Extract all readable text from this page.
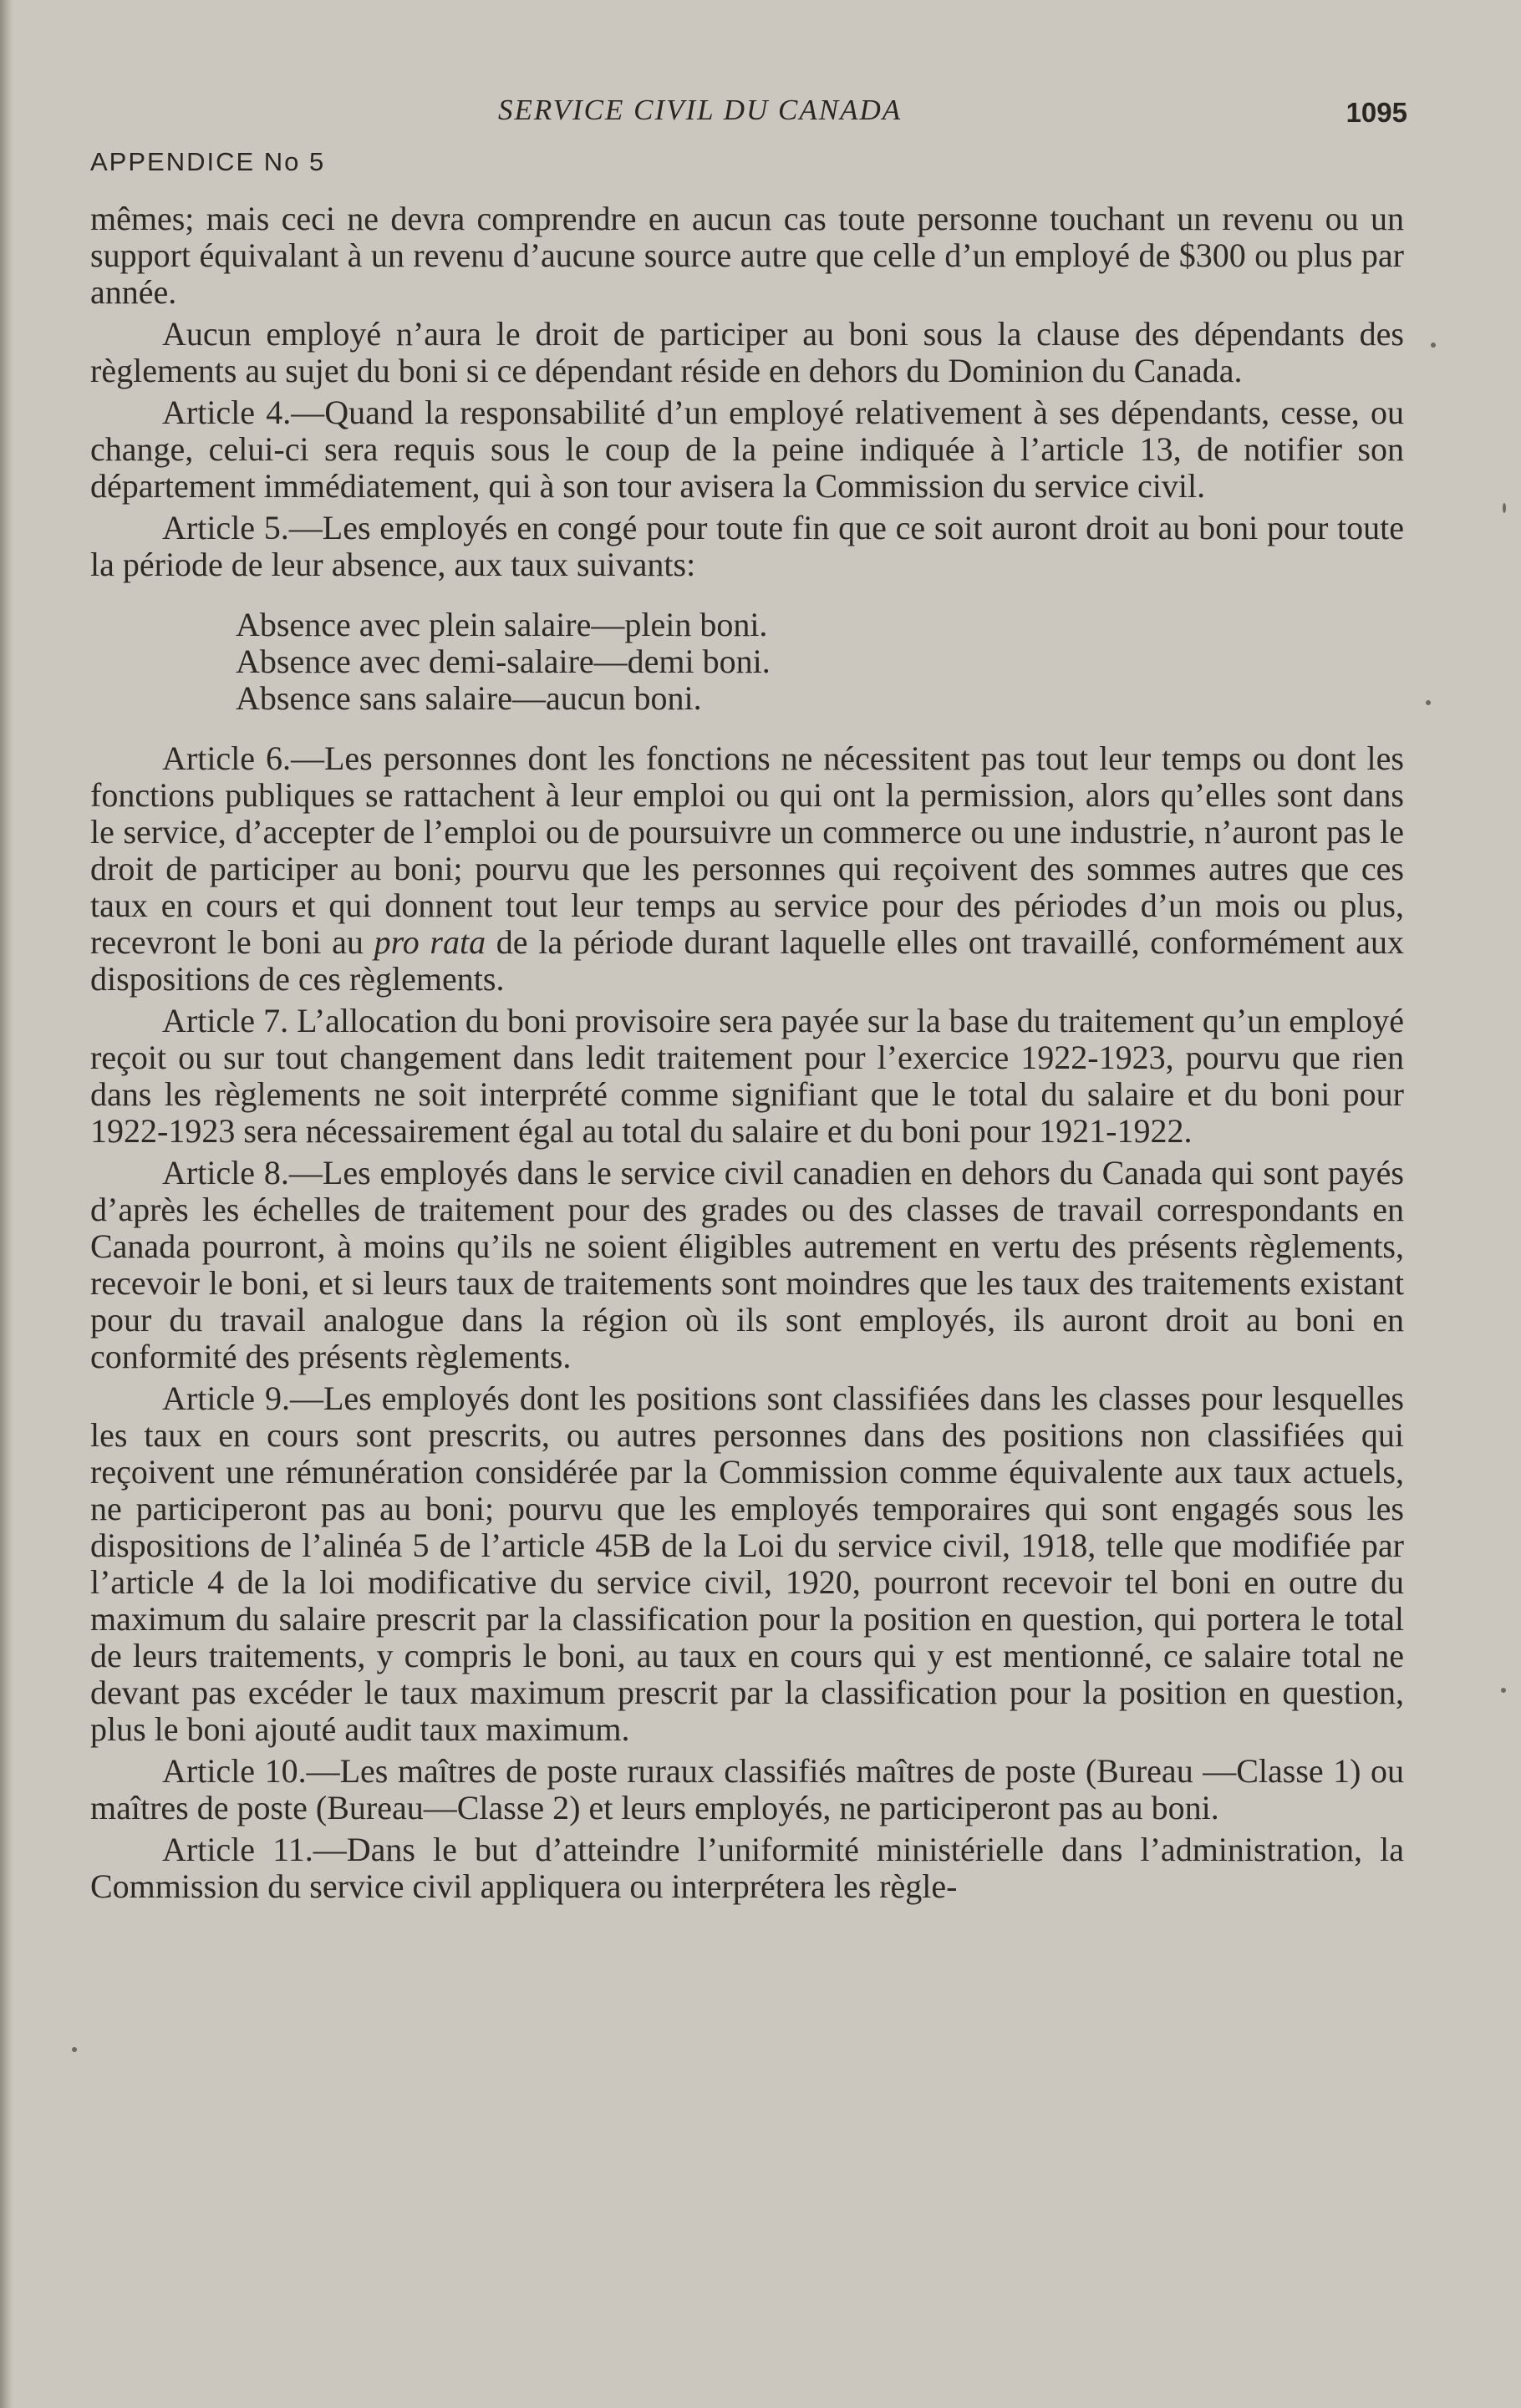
SERVICE CIVIL DU CANADA	1095
APPENDICE No 5

mêmes; mais ceci ne devra comprendre en aucun cas toute personne touchant un revenu ou un support équivalant à un revenu d’aucune source autre que celle d’un employé de $300 ou plus par année.

Aucun employé n’aura le droit de participer au boni sous la clause des dépendants des règlements au sujet du boni si ce dépendant réside en dehors du Dominion du Canada.

Article 4.—Quand la responsabilité d’un employé relativement à ses dépendants, cesse, ou change, celui-ci sera requis sous le coup de la peine indiquée à l’article 13, de notifier son département immédiatement, qui à son tour avisera la Commission du service civil.

Article 5.—Les employés en congé pour toute fin que ce soit auront droit au boni pour toute la période de leur absence, aux taux suivants:

Absence avec plein salaire—plein boni.
Absence avec demi-salaire—demi boni.
Absence sans salaire—aucun boni.

Article 6.—Les personnes dont les fonctions ne nécessitent pas tout leur temps ou dont les fonctions publiques se rattachent à leur emploi ou qui ont la permission, alors qu’elles sont dans le service, d’accepter de l’emploi ou de poursuivre un commerce ou une industrie, n’auront pas le droit de participer au boni; pourvu que les personnes qui reçoivent des sommes autres que ces taux en cours et qui donnent tout leur temps au service pour des périodes d’un mois ou plus, recevront le boni au pro rata de la période durant laquelle elles ont travaillé, conformément aux dispositions de ces règlements.

Article 7. L’allocation du boni provisoire sera payée sur la base du traitement qu’un employé reçoit ou sur tout changement dans ledit traitement pour l’exercice 1922-1923, pourvu que rien dans les règlements ne soit interprété comme signifiant que le total du salaire et du boni pour 1922-1923 sera nécessairement égal au total du salaire et du boni pour 1921-1922.

Article 8.—Les employés dans le service civil canadien en dehors du Canada qui sont payés d’après les échelles de traitement pour des grades ou des classes de travail correspondants en Canada pourront, à moins qu’ils ne soient éligibles autrement en vertu des présents règlements, recevoir le boni, et si leurs taux de traitements sont moindres que les taux des traitements existant pour du travail analogue dans la région où ils sont employés, ils auront droit au boni en conformité des présents règlements.

Article 9.—Les employés dont les positions sont classifiées dans les classes pour lesquelles les taux en cours sont prescrits, ou autres personnes dans des positions non classifiées qui reçoivent une rémunération considérée par la Commission comme équivalente aux taux actuels, ne participeront pas au boni; pourvu que les employés temporaires qui sont engagés sous les dispositions de l’alinéa 5 de l’article 45B de la Loi du service civil, 1918, telle que modifiée par l’article 4 de la loi modificative du service civil, 1920, pourront recevoir tel boni en outre du maximum du salaire prescrit par la classification pour la position en question, qui portera le total de leurs traitements, y compris le boni, au taux en cours qui y est mentionné, ce salaire total ne devant pas excéder le taux maximum prescrit par la classification pour la position en question, plus le boni ajouté audit taux maximum.

Article 10.—Les maîtres de poste ruraux classifiés maîtres de poste (Bureau —Classe 1) ou maîtres de poste (Bureau—Classe 2) et leurs employés, ne participeront pas au boni.

Article 11.—Dans le but d’atteindre l’uniformité ministérielle dans l’administration, la Commission du service civil appliquera ou interprétera les règle-
